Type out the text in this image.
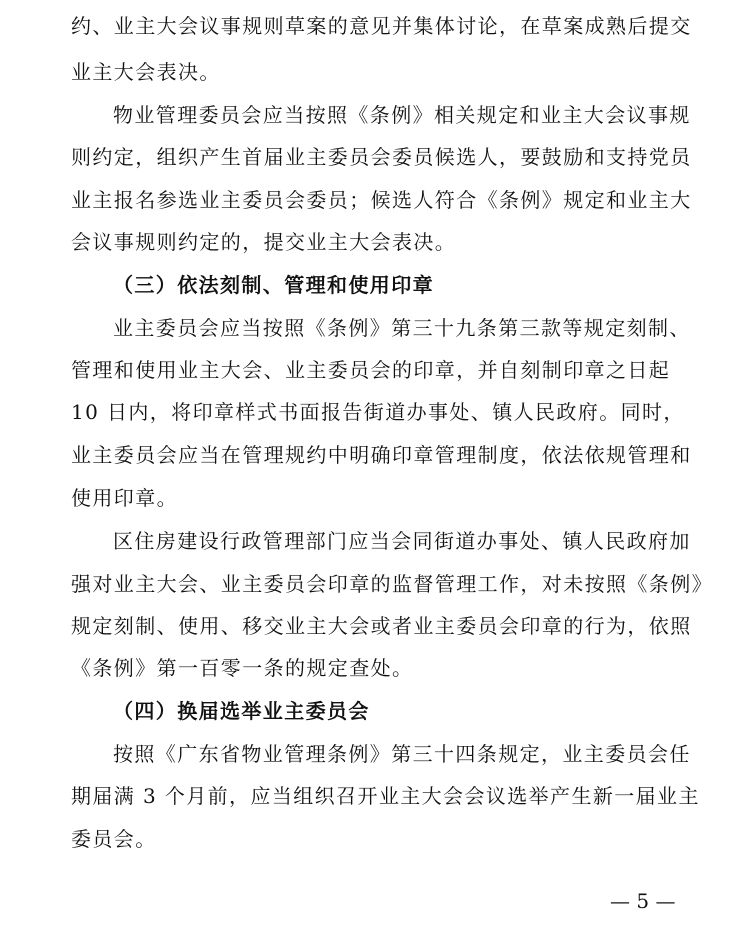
约、业主大会议事规则草案的意见并集体讨论，在草案成熟后提交
业主大会表决。
物业管理委员会应当按照《条例》相关规定和业主大会议事规
则约定，组织产生首届业主委员会委员候选人，要鼓励和支持党员
业主报名参选业主委员会委员；候选人符合《条例》规定和业主大
会议事规则约定的，提交业主大会表决。
（三）依法刻制、管理和使用印章
业主委员会应当按照《条例》第三十九条第三款等规定刻制、
管理和使用业主大会、业主委员会的印章，并自刻制印章之日起
10 日内，将印章样式书面报告街道办事处、镇人民政府。同时，
业主委员会应当在管理规约中明确印章管理制度，依法依规管理和
使用印章。
区住房建设行政管理部门应当会同街道办事处、镇人民政府加
强对业主大会、业主委员会印章的监督管理工作，对未按照《条例》
规定刻制、使用、移交业主大会或者业主委员会印章的行为，依照
《条例》第一百零一条的规定查处。
（四）换届选举业主委员会
按照《广东省物业管理条例》第三十四条规定，业主委员会任
期届满 3 个月前，应当组织召开业主大会会议选举产生新一届业主
委员会。
— 5 —
